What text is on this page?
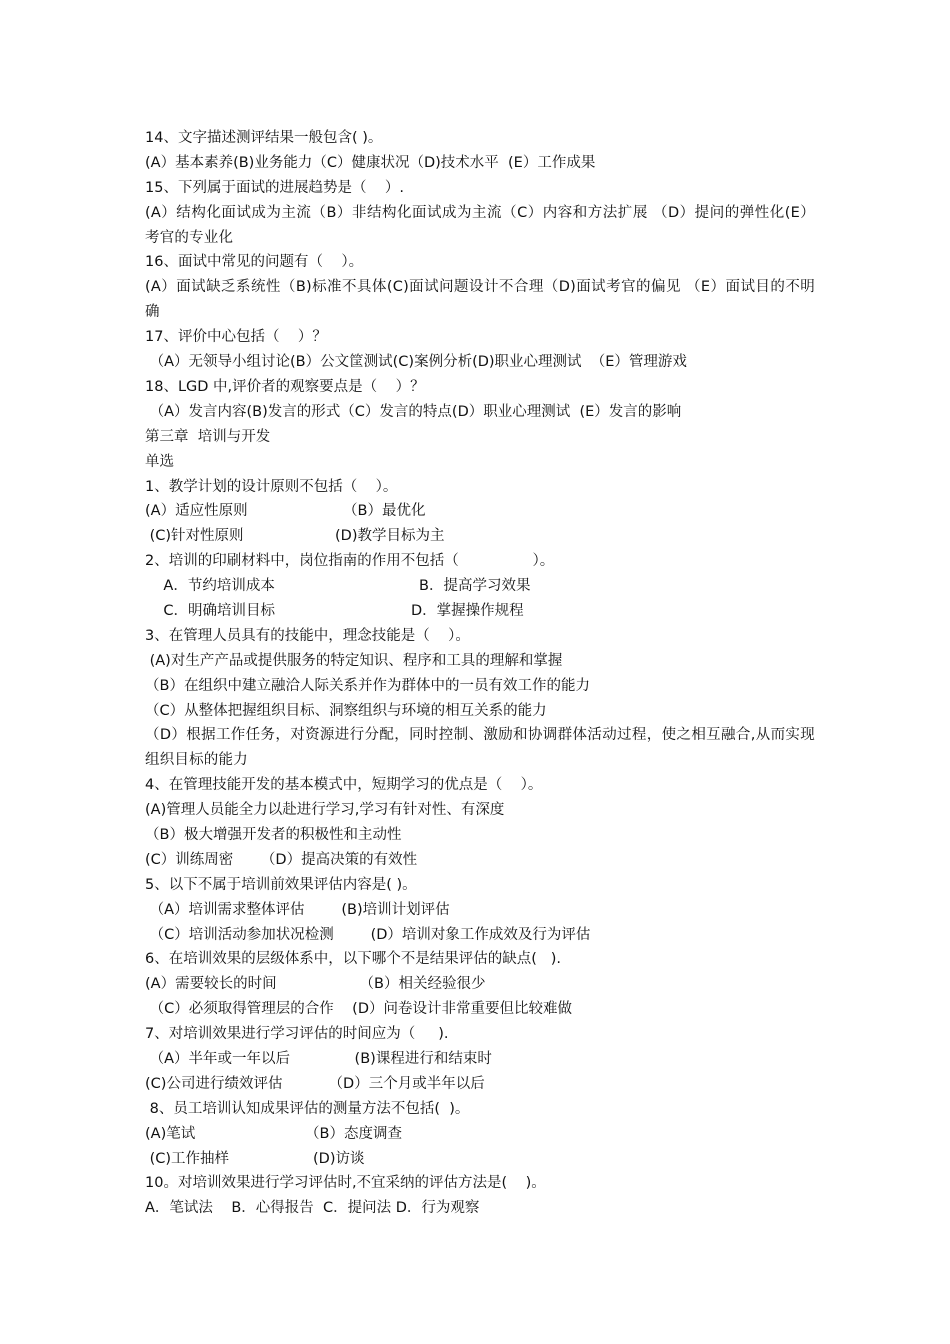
14、文字描述测评结果一般包含( )。
(A）基本素养(B)业务能力（C）健康状况（D)技术水平  (E）工作成果
15、下列属于面试的进展趋势是（    ）.
(A）结构化面试成为主流（B）非结构化面试成为主流（C）内容和方法扩展 （D）提问的弹性化(E）考官的专业化
16、面试中常见的问题有（    ）。
(A）面试缺乏系统性（B)标准不具体(C)面试问题设计不合理（D)面试考官的偏见 （E）面试目的不明确
17、评价中心包括（    ）？
（A）无领导小组讨论(B）公文筐测试(C)案例分析(D)职业心理测试  （E）管理游戏
18、LGD 中,评价者的观察要点是（    ）？
（A）发言内容(B)发言的形式（C）发言的特点(D）职业心理测试  (E）发言的影响
第三章  培训与开发
单选
1、教学计划的设计原则不包括（    ）。
(A）适应性原则	（B）最优化
(C)针对性原则	(D)教学目标为主
2、培训的印刷材料中，岗位指南的作用不包括（                ）。
A．节约培训成本	B．提高学习效果
C．明确培训目标	D．掌握操作规程
3、在管理人员具有的技能中，理念技能是（    ）。
(A)对生产产品或提供服务的特定知识、程序和工具的理解和掌握
（B）在组织中建立融洽人际关系并作为群体中的一员有效工作的能力
（C）从整体把握组织目标、洞察组织与环境的相互关系的能力
（D）根据工作任务，对资源进行分配，同时控制、激励和协调群体活动过程，使之相互融合,从而实现组织目标的能力
4、在管理技能开发的基本模式中，短期学习的优点是（    ）。
(A)管理人员能全力以赴进行学习,学习有针对性、有深度
（B）极大增强开发者的积极性和主动性
(C）训练周密      （D）提高决策的有效性
5、以下不属于培训前效果评估内容是( )。
（A）培训需求整体评估        (B)培训计划评估
（C）培训活动参加状况检测        (D）培训对象工作成效及行为评估
6、在培训效果的层级体系中，以下哪个不是结果评估的缺点(   ).
(A）需要较长的时间                  （B）相关经验很少
（C）必须取得管理层的合作    (D）问卷设计非常重要但比较难做
7、对培训效果进行学习评估的时间应为（     ).
（A）半年或一年以后              (B)课程进行和结束时
(C)公司进行绩效评估          （D）三个月或半年以后
8、员工培训认知成果评估的测量方法不包括(  )。
(A)笔试	（B）态度调查
(C)工作抽样	(D)访谈
10。对培训效果进行学习评估时,不宜采纳的评估方法是(    )。
A．笔试法    B．心得报告  C．提问法 D．行为观察
